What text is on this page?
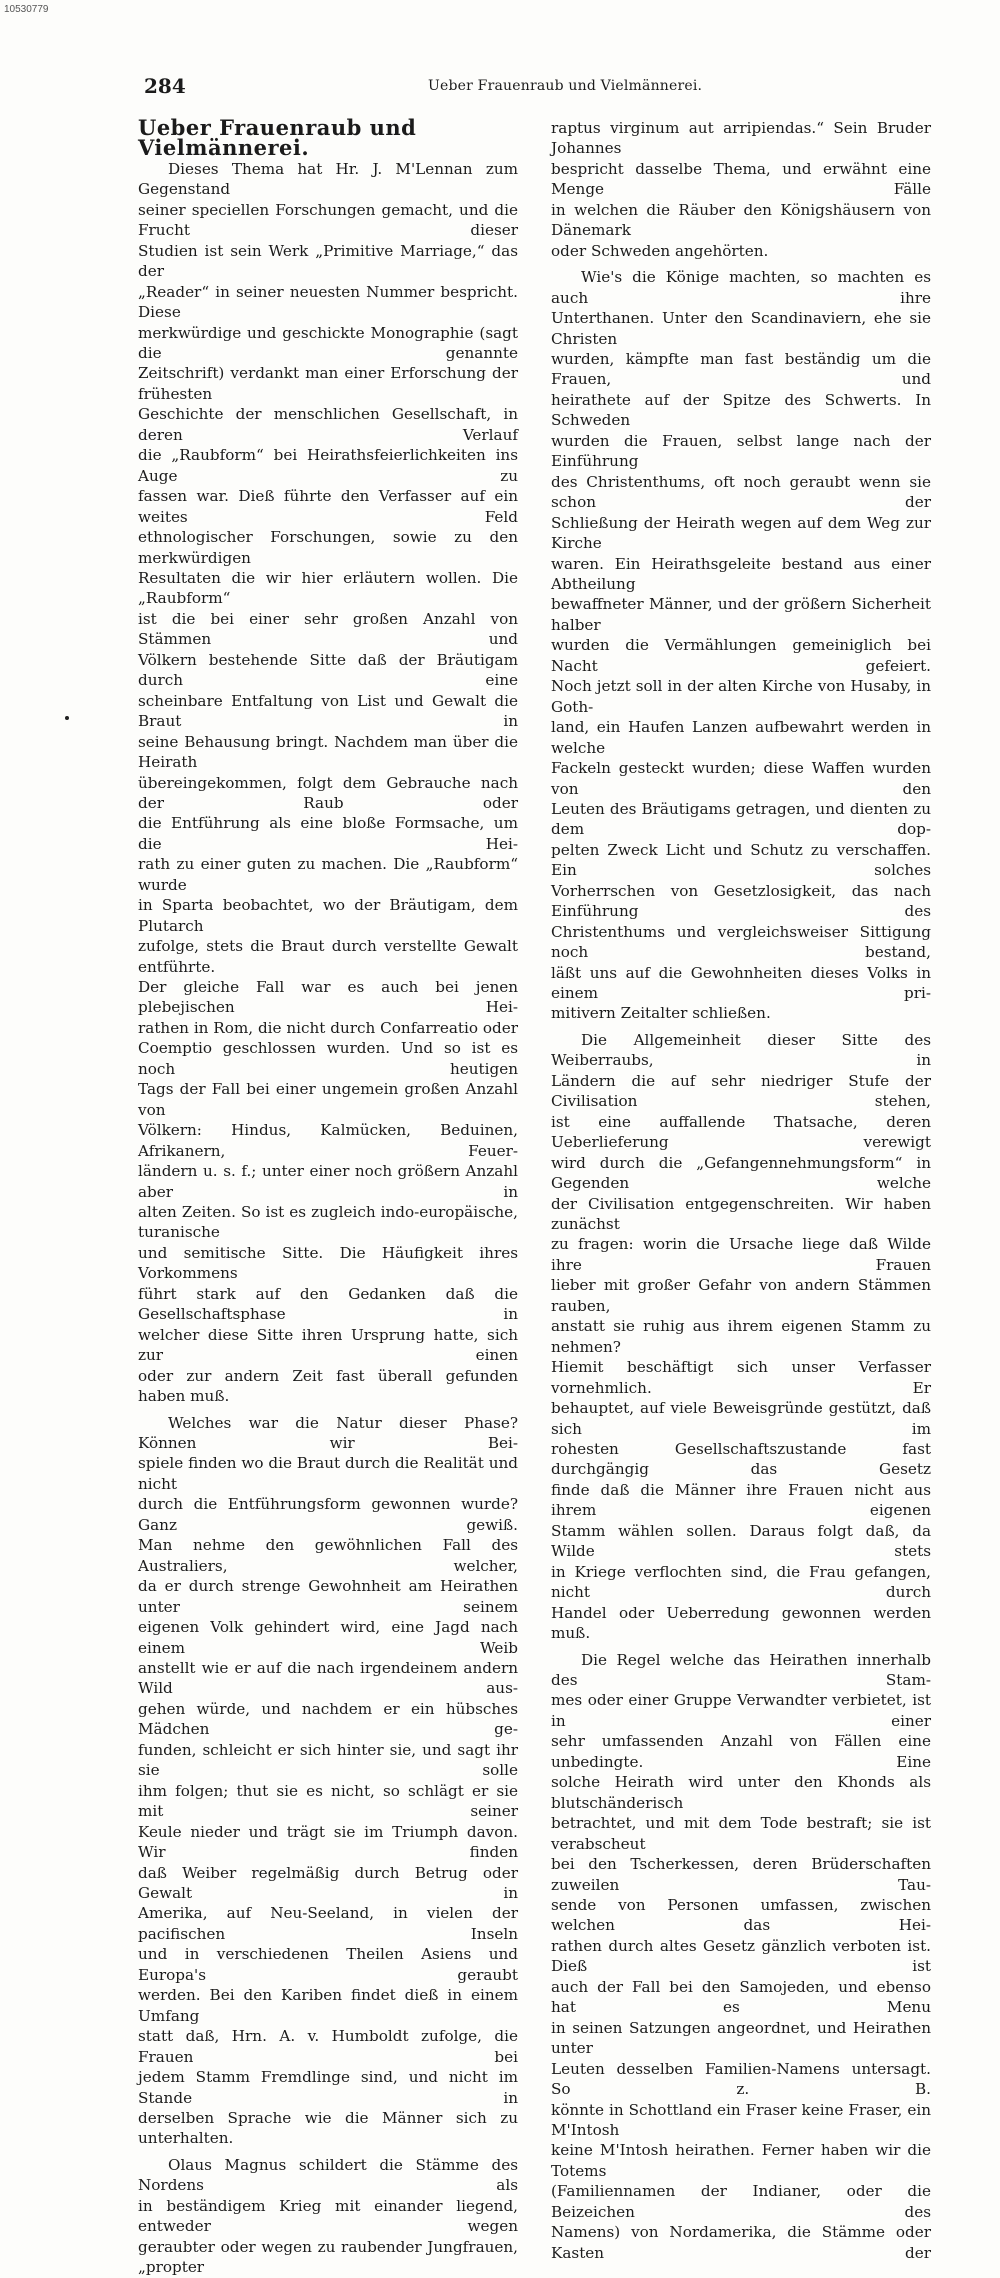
10530779
284	Ueber Frauenraub und Vielmännerei.

Ueber Frauenraub und Vielmännerei.

Dieses Thema hat Hr. J. M'Lennan zum Gegenstand

seiner speciellen Forschungen gemacht, und die Frucht dieser

Studien ist sein Werk „Primitive Marriage,“ das der

„Reader“ in seiner neuesten Nummer bespricht. Diese

merkwürdige und geschickte Monographie (sagt die genannte

Zeitschrift) verdankt man einer Erforschung der frühesten

Geschichte der menschlichen Gesellschaft, in deren Verlauf

die „Raubform“ bei Heirathsfeierlichkeiten ins Auge zu

fassen war. Dieß führte den Verfasser auf ein weites Feld

ethnologischer Forschungen, sowie zu den merkwürdigen

Resultaten die wir hier erläutern wollen. Die „Raubform“

ist die bei einer sehr großen Anzahl von Stämmen und

Völkern bestehende Sitte daß der Bräutigam durch eine

scheinbare Entfaltung von List und Gewalt die Braut in

seine Behausung bringt. Nachdem man über die Heirath

übereingekommen, folgt dem Gebrauche nach der Raub oder

die Entführung als eine bloße Formsache, um die Hei-

rath zu einer guten zu machen. Die „Raubform“ wurde

in Sparta beobachtet, wo der Bräutigam, dem Plutarch

zufolge, stets die Braut durch verstellte Gewalt entführte.

Der gleiche Fall war es auch bei jenen plebejischen Hei-

rathen in Rom, die nicht durch Confarreatio oder

Coemptio geschlossen wurden. Und so ist es noch heutigen

Tags der Fall bei einer ungemein großen Anzahl von

Völkern: Hindus, Kalmücken, Beduinen, Afrikanern, Feuer-

ländern u. s. f.; unter einer noch größern Anzahl aber in

alten Zeiten. So ist es zugleich indo-europäische, turanische

und semitische Sitte. Die Häufigkeit ihres Vorkommens

führt stark auf den Gedanken daß die Gesellschaftsphase in

welcher diese Sitte ihren Ursprung hatte, sich zur einen

oder zur andern Zeit fast überall gefunden haben muß.

Welches war die Natur dieser Phase? Können wir Bei-

spiele finden wo die Braut durch die Realität und nicht

durch die Entführungsform gewonnen wurde? Ganz gewiß.

Man nehme den gewöhnlichen Fall des Australiers, welcher,

da er durch strenge Gewohnheit am Heirathen unter seinem

eigenen Volk gehindert wird, eine Jagd nach einem Weib

anstellt wie er auf die nach irgendeinem andern Wild aus-

gehen würde, und nachdem er ein hübsches Mädchen ge-

funden, schleicht er sich hinter sie, und sagt ihr sie solle

ihm folgen; thut sie es nicht, so schlägt er sie mit seiner

Keule nieder und trägt sie im Triumph davon. Wir finden

daß Weiber regelmäßig durch Betrug oder Gewalt in

Amerika, auf Neu-Seeland, in vielen der pacifischen Inseln

und in verschiedenen Theilen Asiens und Europa's geraubt

werden. Bei den Kariben findet dieß in einem Umfang

statt daß, Hrn. A. v. Humboldt zufolge, die Frauen bei

jedem Stamm Fremdlinge sind, und nicht im Stande in

derselben Sprache wie die Männer sich zu unterhalten.

Olaus Magnus schildert die Stämme des Nordens als

in beständigem Krieg mit einander liegend, entweder wegen

geraubter oder wegen zu raubender Jungfrauen, „propter

raptus virginum aut arripiendas.“ Sein Bruder Johannes

bespricht dasselbe Thema, und erwähnt eine Menge Fälle

in welchen die Räuber den Königshäusern von Dänemark

oder Schweden angehörten.

Wie's die Könige machten, so machten es auch ihre

Unterthanen. Unter den Scandinaviern, ehe sie Christen

wurden, kämpfte man fast beständig um die Frauen, und

heirathete auf der Spitze des Schwerts. In Schweden

wurden die Frauen, selbst lange nach der Einführung

des Christenthums, oft noch geraubt wenn sie schon der

Schließung der Heirath wegen auf dem Weg zur Kirche

waren. Ein Heirathsgeleite bestand aus einer Abtheilung

bewaffneter Männer, und der größern Sicherheit halber

wurden die Vermählungen gemeiniglich bei Nacht gefeiert.

Noch jetzt soll in der alten Kirche von Husaby, in Goth-

land, ein Haufen Lanzen aufbewahrt werden in welche

Fackeln gesteckt wurden; diese Waffen wurden von den

Leuten des Bräutigams getragen, und dienten zu dem dop-

pelten Zweck Licht und Schutz zu verschaffen. Ein solches

Vorherrschen von Gesetzlosigkeit, das nach Einführung des

Christenthums und vergleichsweiser Sittigung noch bestand,

läßt uns auf die Gewohnheiten dieses Volks in einem pri-

mitivern Zeitalter schließen.

Die Allgemeinheit dieser Sitte des Weiberraubs, in

Ländern die auf sehr niedriger Stufe der Civilisation stehen,

ist eine auffallende Thatsache, deren Ueberlieferung verewigt

wird durch die „Gefangennehmungsform“ in Gegenden welche

der Civilisation entgegenschreiten. Wir haben zunächst

zu fragen: worin die Ursache liege daß Wilde ihre Frauen

lieber mit großer Gefahr von andern Stämmen rauben,

anstatt sie ruhig aus ihrem eigenen Stamm zu nehmen?

Hiemit beschäftigt sich unser Verfasser vornehmlich. Er

behauptet, auf viele Beweisgründe gestützt, daß sich im

rohesten Gesellschaftszustande fast durchgängig das Gesetz

finde daß die Männer ihre Frauen nicht aus ihrem eigenen

Stamm wählen sollen. Daraus folgt daß, da Wilde stets

in Kriege verflochten sind, die Frau gefangen, nicht durch

Handel oder Ueberredung gewonnen werden muß.

Die Regel welche das Heirathen innerhalb des Stam-

mes oder einer Gruppe Verwandter verbietet, ist in einer

sehr umfassenden Anzahl von Fällen eine unbedingte. Eine

solche Heirath wird unter den Khonds als blutschänderisch

betrachtet, und mit dem Tode bestraft; sie ist verabscheut

bei den Tscherkessen, deren Brüderschaften zuweilen Tau-

sende von Personen umfassen, zwischen welchen das Hei-

rathen durch altes Gesetz gänzlich verboten ist. Dieß ist

auch der Fall bei den Samojeden, und ebenso hat es Menu

in seinen Satzungen angeordnet, und Heirathen unter

Leuten desselben Familien-Namens untersagt. So z. B.

könnte in Schottland ein Fraser keine Fraser, ein M'Intosh

keine M'Intosh heirathen. Ferner haben wir die Totems

(Familiennamen der Indianer, oder die Beizeichen des

Namens) von Nordamerika, die Stämme oder Kasten der
